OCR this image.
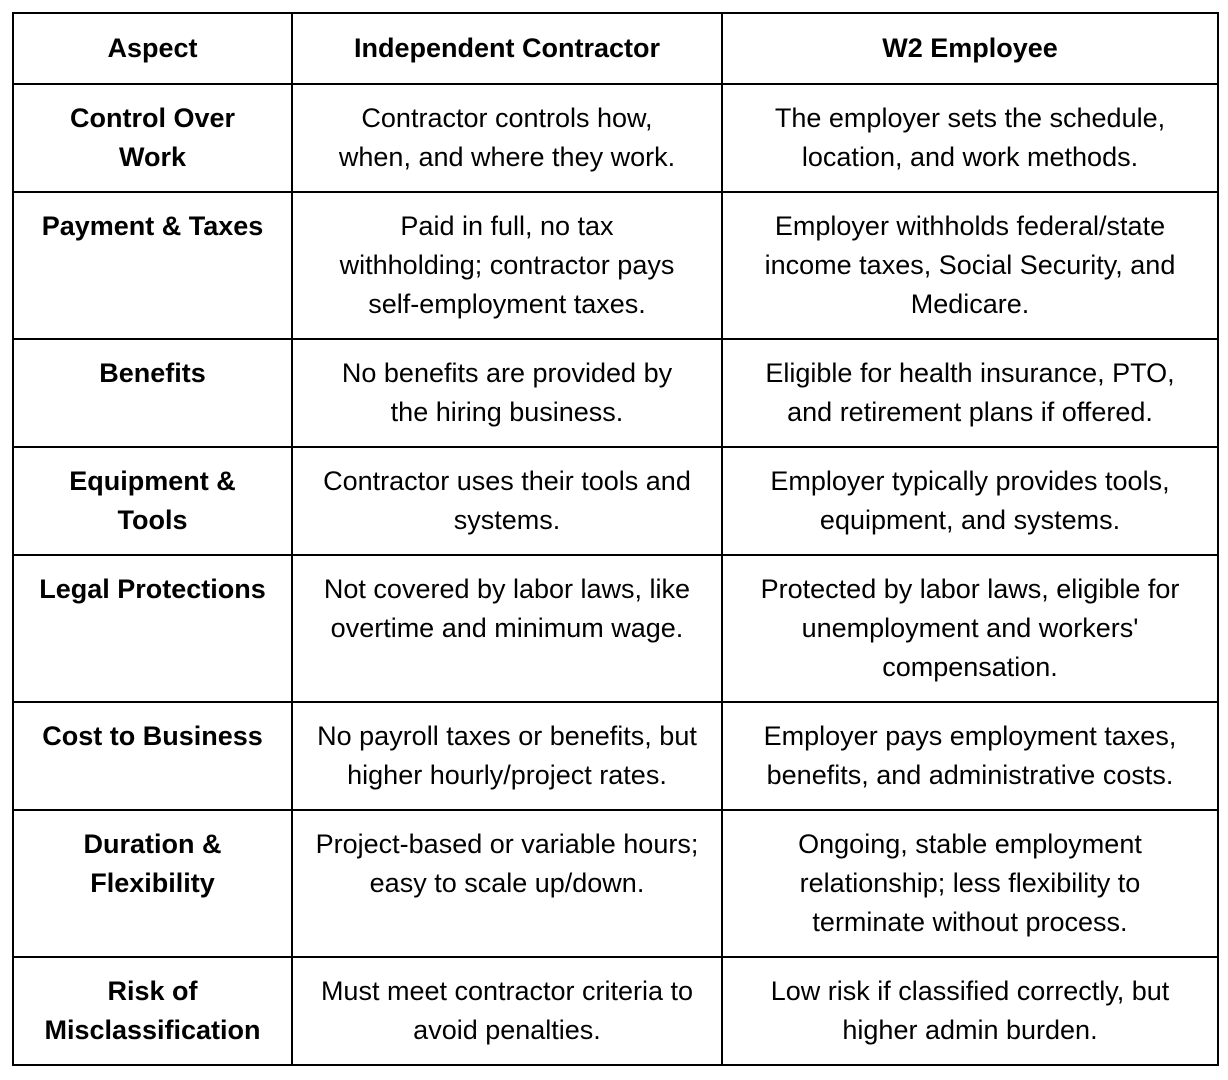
Aspect	Independent Contractor	W2 Employee
Control Over Work	Contractor controls how, when, and where they work.	The employer sets the schedule, location, and work methods.
Payment & Taxes	Paid in full, no tax withholding; contractor pays self-employment taxes.	Employer withholds federal/state income taxes, Social Security, and Medicare.
Benefits	No benefits are provided by the hiring business.	Eligible for health insurance, PTO, and retirement plans if offered.
Equipment & Tools	Contractor uses their tools and systems.	Employer typically provides tools, equipment, and systems.
Legal Protections	Not covered by labor laws, like overtime and minimum wage.	Protected by labor laws, eligible for unemployment and workers' compensation.
Cost to Business	No payroll taxes or benefits, but higher hourly/project rates.	Employer pays employment taxes, benefits, and administrative costs.
Duration & Flexibility	Project-based or variable hours; easy to scale up/down.	Ongoing, stable employment relationship; less flexibility to terminate without process.
Risk of Misclassification	Must meet contractor criteria to avoid penalties.	Low risk if classified correctly, but higher admin burden.
